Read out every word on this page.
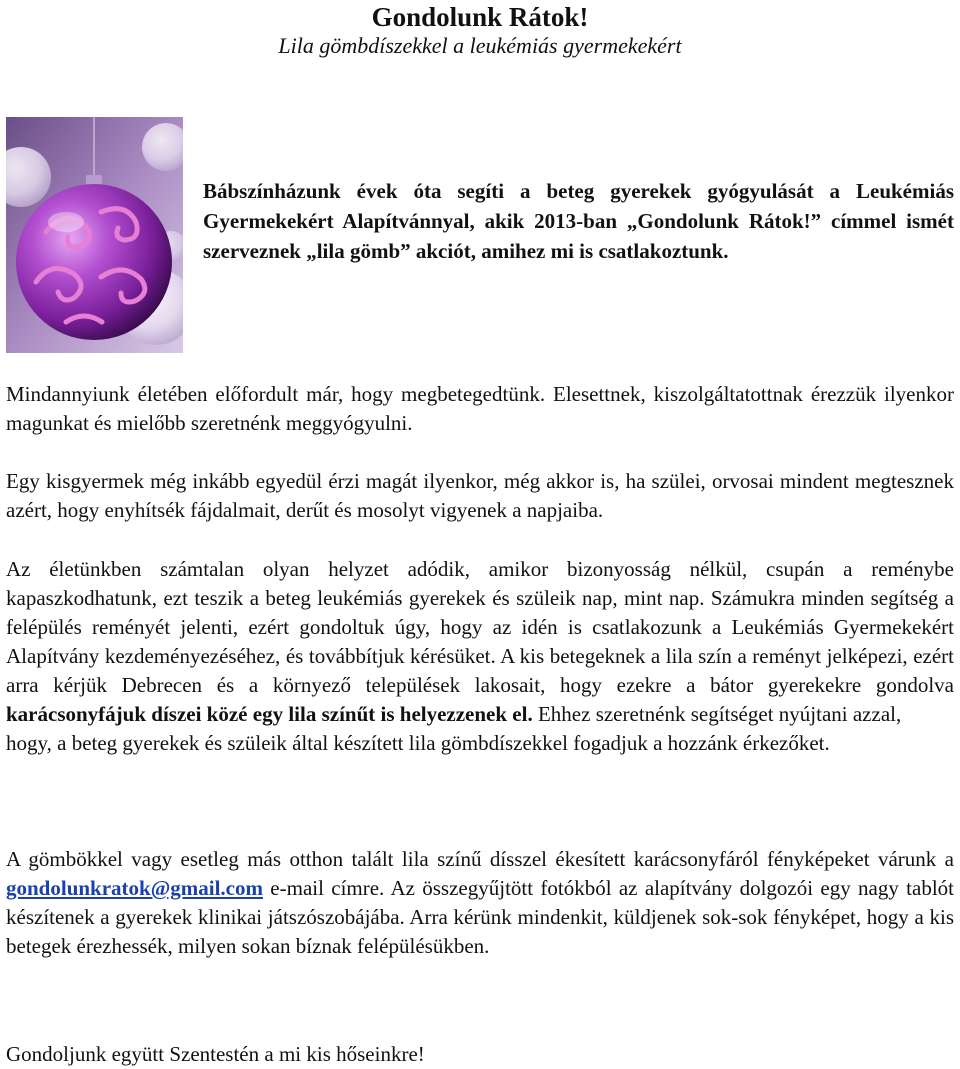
Gondolunk Rátok!
Lila gömbdíszekkel a leukémiás gyermekekért
Bábszínházunk évek óta segíti a beteg gyerekek gyógyulását a Leukémiás Gyermekekért Alapítvánnyal, akik 2013-ban „Gondolunk Rátok!” címmel ismét szerveznek „lila gömb” akciót, amihez mi is csatlakoztunk.
Mindannyiunk életében előfordult már, hogy megbetegedtünk. Elesettnek, kiszolgáltatottnak érezzük ilyenkor magunkat és mielőbb szeretnénk meggyógyulni.
Egy kisgyermek még inkább egyedül érzi magát ilyenkor, még akkor is, ha szülei, orvosai mindent megtesznek azért, hogy enyhítsék fájdalmait, derűt és mosolyt vigyenek a napjaiba.
Az életünkben számtalan olyan helyzet adódik, amikor bizonyosság nélkül, csupán a reménybe kapaszkodhatunk, ezt teszik a beteg leukémiás gyerekek és szüleik nap, mint nap. Számukra minden segítség a felépülés reményét jelenti, ezért gondoltuk úgy, hogy az idén is csatlakozunk a Leukémiás Gyermekekért Alapítvány kezdeményezéséhez, és továbbítjuk kérésüket. A kis betegeknek a lila szín a reményt jelképezi, ezért arra kérjük Debrecen és a környező települések lakosait, hogy ezekre a bátor gyerekekre gondolva karácsonyfájuk díszei közé egy lila színűt is helyezzenek el. Ehhez szeretnénk segítséget nyújtani azzal,
hogy, a beteg gyerekek és szüleik által készített lila gömbdíszekkel fogadjuk a hozzánk érkezőket.
A gömbökkel vagy esetleg más otthon talált lila színű dísszel ékesített karácsonyfáról fényképeket várunk a gondolunkratok@gmail.com e-mail címre. Az összegyűjtött fotókból az alapítvány dolgozói egy nagy tablót készítenek a gyerekek klinikai játszószobájába. Arra kérünk mindenkit, küldjenek sok-sok fényképet, hogy a kis betegek érezhessék, milyen sokan bíznak felépülésükben.
Gondoljunk együtt Szentestén a mi kis hőseinkre!
